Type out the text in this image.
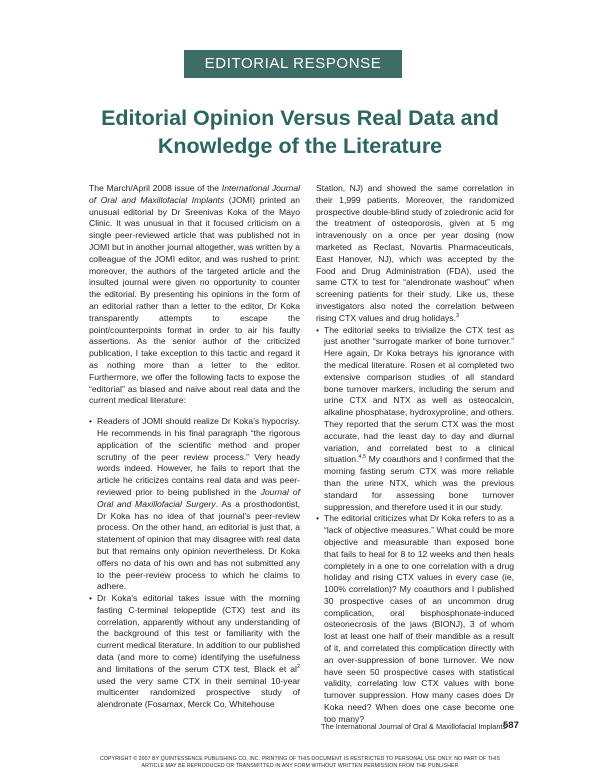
EDITORIAL RESPONSE
Editorial Opinion Versus Real Data and
Knowledge of the Literature

The March/April 2008 issue of the International Journal of Oral and Maxillofacial Implants (JOMI) printed an unusual editorial by Dr Sreenivas Koka of the Mayo Clinic. It was unusual in that it focused criticism on a single peer-reviewed article that was published not in JOMI but in another journal altogether, was written by a colleague of the JOMI editor, and was rushed to print: moreover, the authors of the targeted article and the insulted journal were given no opportunity to counter the editorial. By presenting his opinions in the form of an editorial rather than a letter to the editor, Dr Koka transparently attempts to escape the point/counterpoints format in order to air his faulty assertions. As the senior author of the criticized publication, I take exception to this tactic and regard it as nothing more than a letter to the editor. Furthermore, we offer the following facts to expose the “editorial” as biased and naive about real data and the current medical literature:

• Readers of JOMI should realize Dr Koka’s hypocrisy. He recommends in his final paragraph “the rigorous application of the scientific method and proper scrutiny of the peer review process.” Very heady words indeed. However, he fails to report that the article he criticizes contains real data and was peer-reviewed prior to being published in the Journal of Oral and Maxillofacial Surgery. As a prosthodontist, Dr Koka has no idea of that journal’s peer-review process. On the other hand, an editorial is just that, a statement of opinion that may disagree with real data but that remains only opinion nevertheless. Dr Koka offers no data of his own and has not submitted any to the peer-review process to which he claims to adhere.
• Dr Koka’s editorial takes issue with the morning fasting C-terminal telopeptide (CTX) test and its correlation, apparently without any understanding of the background of this test or familiarity with the current medical literature. In addition to our published data (and more to come) identifying the usefulness and limitations of the serum CTX test, Black et $al^2$ used the very same CTX in their seminal 10-year multicenter randomized prospective study of alendronate (Fosamax, Merck Co, Whitehouse

Station, NJ) and showed the same correlation in their 1,999 patients. Moreover, the randomized prospective double-blind study of zoledronic acid for the treatment of osteoporosis, given at 5 mg intravenously on a once per year dosing (now marketed as Reclast, Novartis Pharmaceuticals, East Hanover, NJ), which was accepted by the Food and Drug Administration (FDA), used the same CTX to test for “alendronate washout” when screening patients for their study. Like us, these investigators also noted the correlation between rising CTX values and drug holidays.$^3$

• The editorial seeks to trivialize the CTX test as just another “surrogate marker of bone turnover.” Here again, Dr Koka betrays his ignorance with the medical literature. Rosen et al completed two extensive comparison studies of all standard bone turnover markers, including the serum and urine CTX and NTX as well as osteocalcin, alkaline phosphatase, hydroxyproline, and others. They reported that the serum CTX was the most accurate, had the least day to day and diurnal variation, and correlated best to a clinical situation.$^{4,5}$ My coauthors and I confirmed that the morning fasting serum CTX was more reliable than the urine NTX, which was the previous standard for assessing bone turnover suppression, and therefore used it in our study.
• The editorial criticizes what Dr Koka refers to as a “lack of objective measures.” What could be more objective and measurable than exposed bone that fails to heal for 8 to 12 weeks and then heals completely in a one to one correlation with a drug holiday and rising CTX values in every case (ie, 100% correlation)? My coauthors and I published 30 prospective cases of an uncommon drug complication, oral bisphosphonate-induced osteonecrosis of the jaws (BIONJ), 3 of whom lost at least one half of their mandible as a result of it, and correlated this complication directly with an over-suppression of bone turnover. We now have seen 50 prospective cases with statistical validity, correlating low CTX values with bone turnover suppression. How many cases does Dr Koka need? When does one case become one too many?
The International Journal of Oral & Maxillofacial Implants
587
COPYRIGHT © 2007 BY QUINTESSENCE PUBLISHING CO, INC. PRINTING OF THIS DOCUMENT IS RESTRICTED TO PERSONAL USE ONLY. NO PART OF THIS
ARTICLE MAY BE REPRODUCED OR TRANSMITTED IN ANY FORM WITHOUT WRITTEN PERMISSION FROM THE PUBLISHER
